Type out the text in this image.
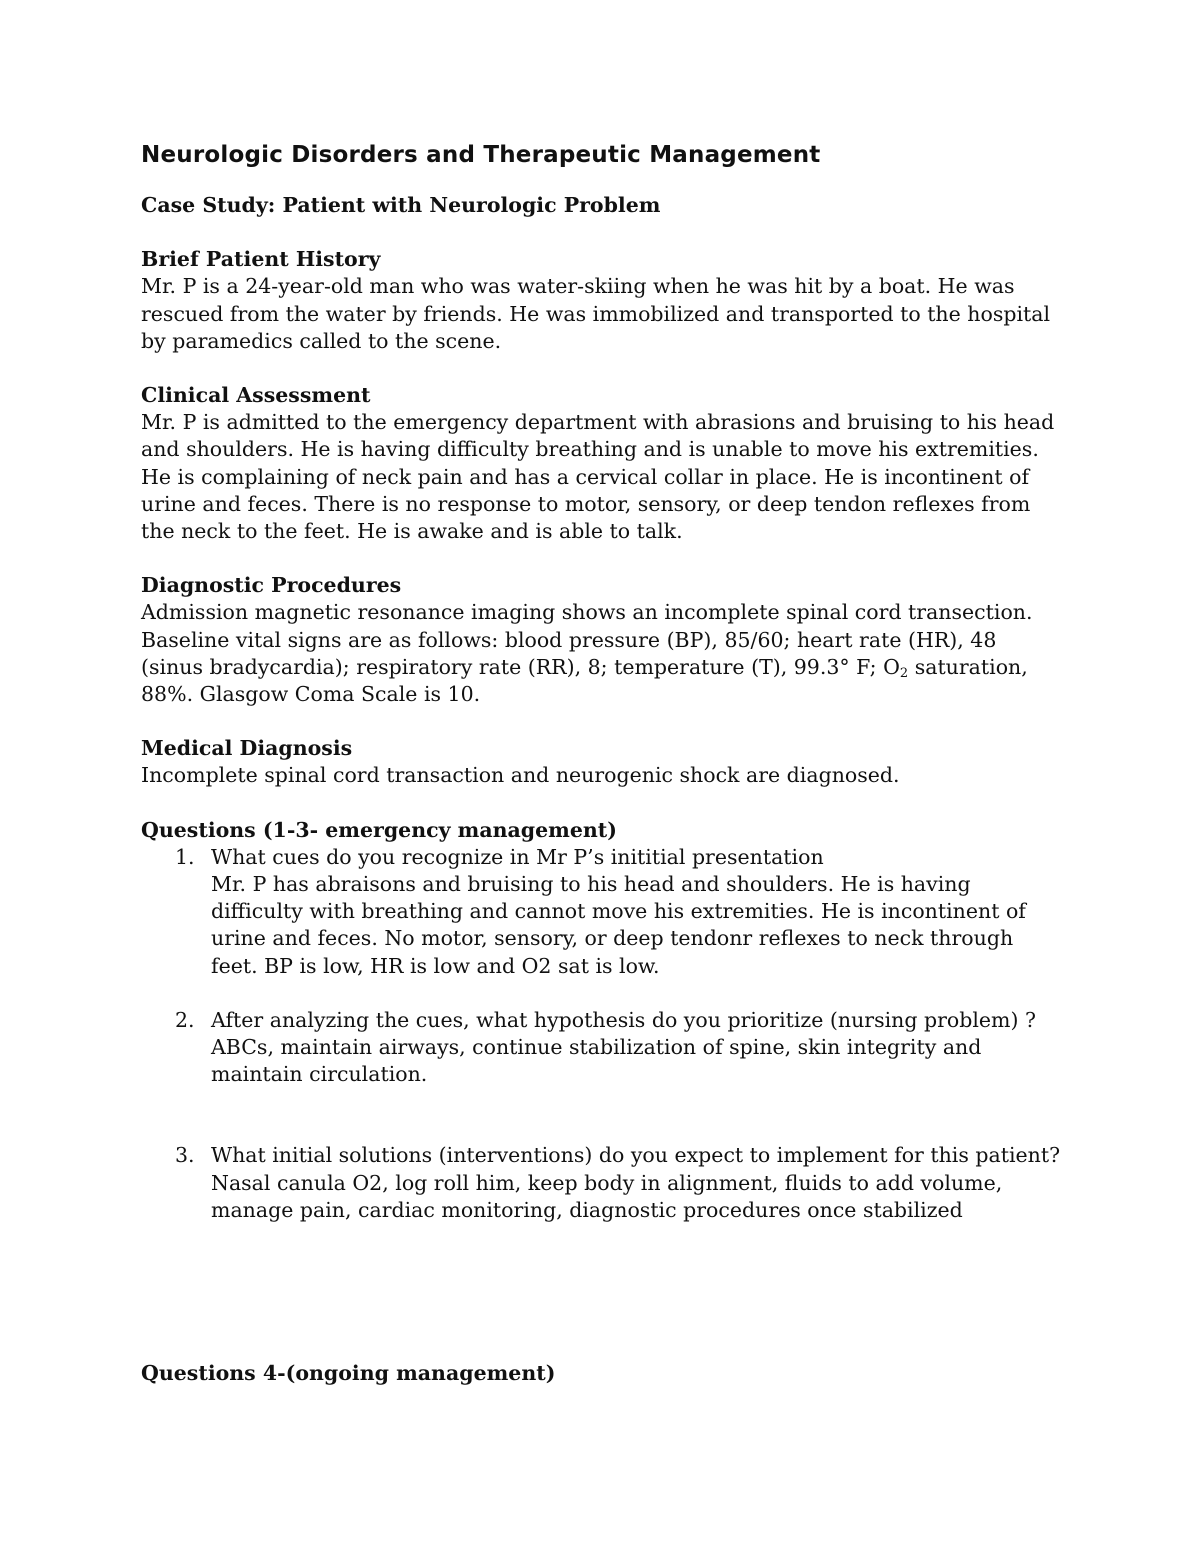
Neurologic Disorders and Therapeutic Management
Case Study: Patient with Neurologic Problem
Brief Patient History

Mr. P is a 24-year-old man who was water-skiing when he was hit by a boat. He was rescued from the water by friends. He was immobilized and transported to the hospital by paramedics called to the scene.

Clinical Assessment

Mr. P is admitted to the emergency department with abrasions and bruising to his head and shoulders. He is having difficulty breathing and is unable to move his extremities. He is complaining of neck pain and has a cervical collar in place. He is incontinent of urine and feces. There is no response to motor, sensory, or deep tendon reflexes from the neck to the feet. He is awake and is able to talk.

Diagnostic Procedures

Admission magnetic resonance imaging shows an incomplete spinal cord transection. Baseline vital signs are as follows: blood pressure (BP), 85/60; heart rate (HR), 48 (sinus bradycardia); respiratory rate (RR), 8; temperature (T), 99.3° F; $O_2$ saturation, 88%. Glasgow Coma Scale is 10.

Medical Diagnosis

Incomplete spinal cord transaction and neurogenic shock are diagnosed.

Questions (1-3- emergency management)
1. What cues do you recognize in Mr P’s inititial presentation
Mr. P has abraisons and bruising to his head and shoulders. He is having difficulty with breathing and cannot move his extremities. He is incontinent of urine and feces. No motor, sensory, or deep tendonr reflexes to neck through feet. BP is low, HR is low and O2 sat is low.
2. After analyzing the cues, what hypothesis do you prioritize (nursing problem) ?
ABCs, maintain airways, continue stabilization of spine, skin integrity and maintain circulation.
3. What initial solutions (interventions) do you expect to implement for this patient?
Nasal canula O2, log roll him, keep body in alignment, fluids to add volume, manage pain, cardiac monitoring, diagnostic procedures once stabilized
Questions 4-(ongoing management)
